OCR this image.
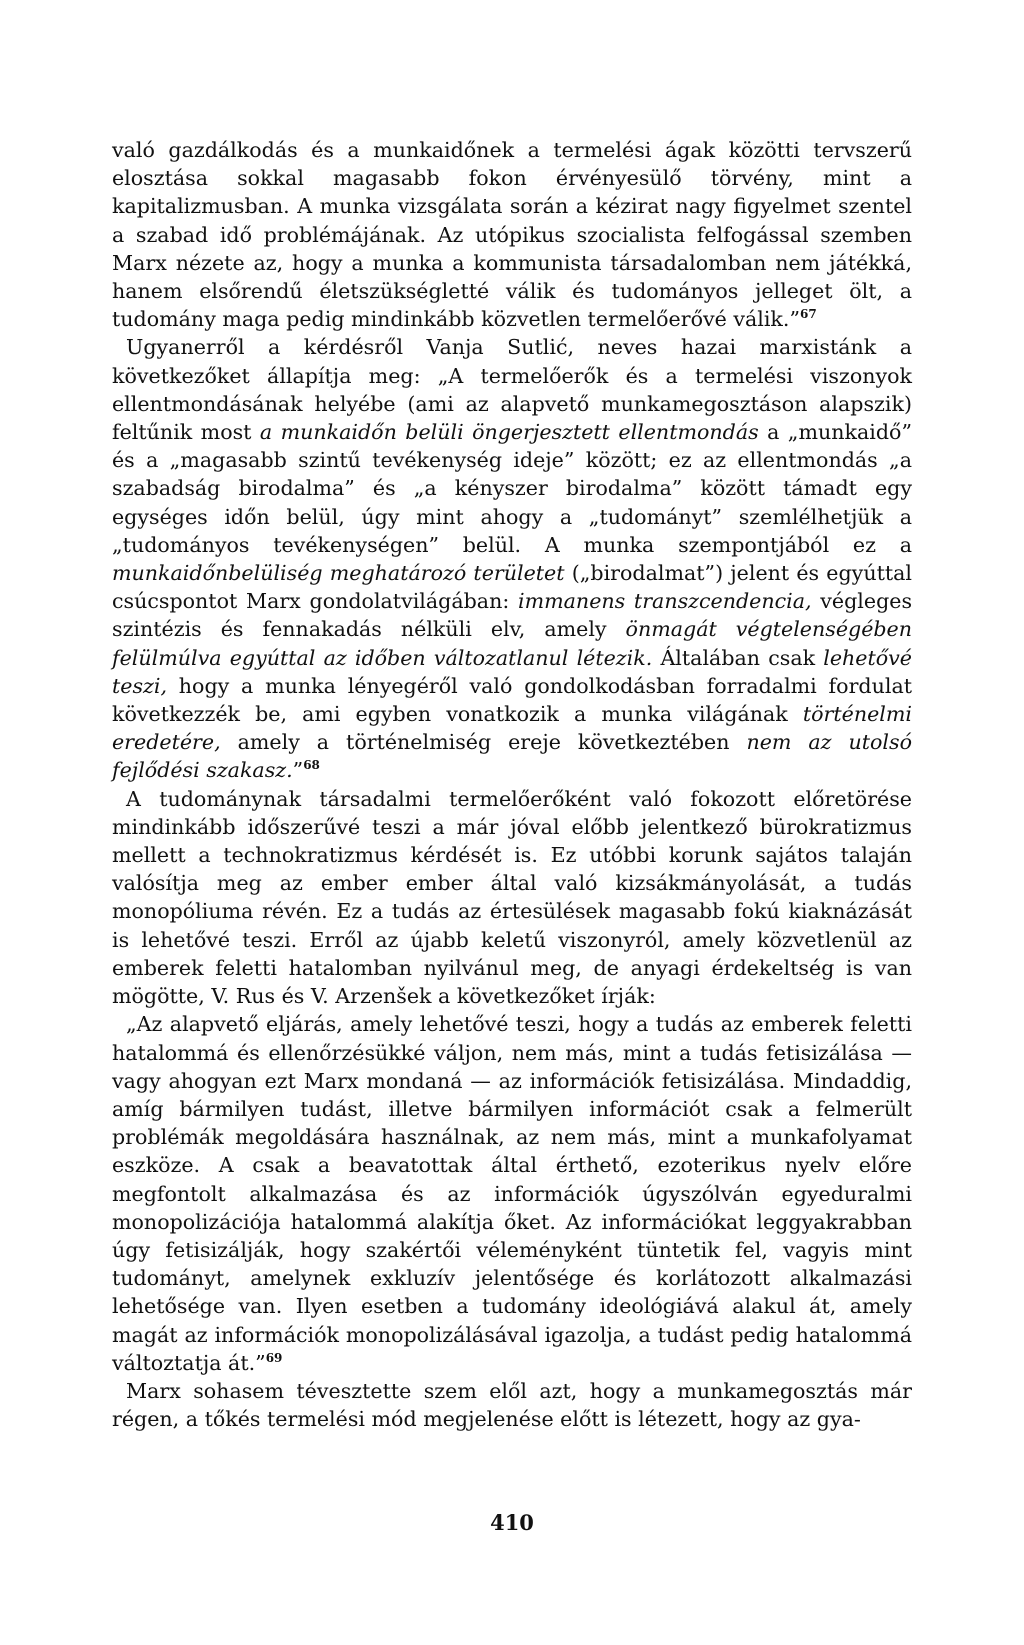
való gazdálkodás és a munkaidőnek a termelési ágak közötti tervszerű elosztása sokkal magasabb fokon érvényesülő törvény, mint a kapitalizmusban. A munka vizsgálata során a kézirat nagy figyelmet szentel a szabad idő problémájának. Az utópikus szocialista felfogással szemben Marx nézete az, hogy a munka a kommunista társadalomban nem játékká, hanem elsőrendű életszükségletté válik és tudományos jelleget ölt, a tudomány maga pedig mindinkább közvetlen termelőerővé válik.”$^{67}$

Ugyanerről a kérdésről Vanja Sutlić, neves hazai marxistánk a következőket állapítja meg: „A termelőerők és a termelési viszonyok ellentmondásának helyébe (ami az alapvető munkamegosztáson alapszik) feltűnik most a munkaidőn belüli öngerjesztett ellentmondás a „munkaidő” és a „magasabb szintű tevékenység ideje” között; ez az ellentmondás „a szabadság birodalma” és „a kényszer birodalma” között támadt egy egységes időn belül, úgy mint ahogy a „tudományt” szemlélhetjük a „tudományos tevékenységen” belül. A munka szempontjából ez a munkaidőnbelüliség meghatározó területet („birodalmat”) jelent és egyúttal csúcspontot Marx gondolatvilágában: immanens transzcendencia, végleges szintézis és fennakadás nélküli elv, amely önmagát végtelenségében felülmúlva egyúttal az időben változatlanul létezik. Általában csak lehetővé teszi, hogy a munka lényegéről való gondolkodásban forradalmi fordulat következzék be, ami egyben vonatkozik a munka világának történelmi eredetére, amely a történelmiség ereje következtében nem az utolsó fejlődési szakasz.”$^{68}$

A tudománynak társadalmi termelőerőként való fokozott előretörése mindinkább időszerűvé teszi a már jóval előbb jelentkező bürokratizmus mellett a technokratizmus kérdését is. Ez utóbbi korunk sajátos talaján valósítja meg az ember ember által való kizsákmányolását, a tudás monopóliuma révén. Ez a tudás az értesülések magasabb fokú kiaknázását is lehetővé teszi. Erről az újabb keletű viszonyról, amely közvetlenül az emberek feletti hatalomban nyilvánul meg, de anyagi érdekeltség is van mögötte, V. Rus és V. Arzenšek a következőket írják:

„Az alapvető eljárás, amely lehetővé teszi, hogy a tudás az emberek feletti hatalommá és ellenőrzésükké váljon, nem más, mint a tudás fetisizálása — vagy ahogyan ezt Marx mondaná — az információk fetisizálása. Mindaddig, amíg bármilyen tudást, illetve bármilyen információt csak a felmerült problémák megoldására használnak, az nem más, mint a munkafolyamat eszköze. A csak a beavatottak által érthető, ezoterikus nyelv előre megfontolt alkalmazása és az információk úgyszólván egyeduralmi monopolizációja hatalommá alakítja őket. Az információkat leggyakrabban úgy fetisizálják, hogy szakértői véleményként tüntetik fel, vagyis mint tudományt, amelynek exkluzív jelentősége és korlátozott alkalmazási lehetősége van. Ilyen esetben a tudomány ideológiává alakul át, amely magát az információk monopolizálásával igazolja, a tudást pedig hatalommá változtatja át.”$^{69}$

Marx sohasem tévesztette szem elől azt, hogy a munkamegosztás már régen, a tőkés termelési mód megjelenése előtt is létezett, hogy az gya-

410
